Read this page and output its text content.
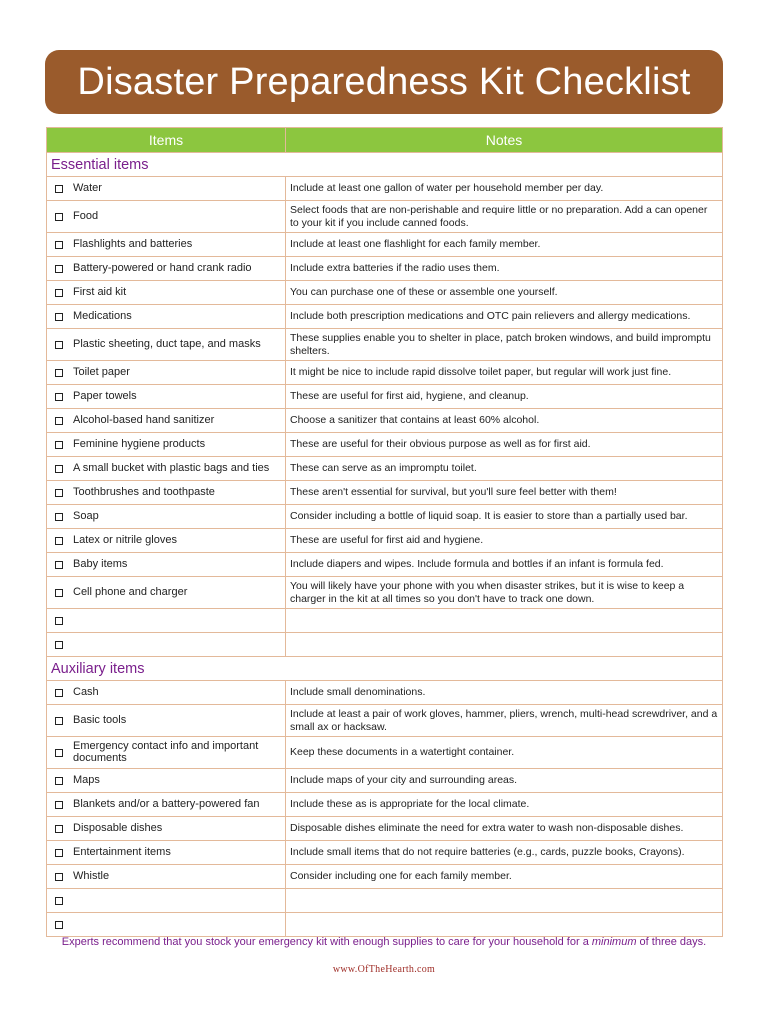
Disaster Preparedness Kit Checklist
Items	Notes
Essential items	

Water	Include at least one gallon of water per household member per day.

Food	Select foods that are non-perishable and require little or no preparation. Add a can opener to your kit if you include canned foods.

Flashlights and batteries	Include at least one flashlight for each family member.

Battery-powered or hand crank radio	Include extra batteries if the radio uses them.

First aid kit	You can purchase one of these or assemble one yourself.

Medications	Include both prescription medications and OTC pain relievers and allergy medications.

Plastic sheeting, duct tape, and masks	These supplies enable you to shelter in place, patch broken windows, and build impromptu shelters.

Toilet paper	It might be nice to include rapid dissolve toilet paper, but regular will work just fine.

Paper towels	These are useful for first aid, hygiene, and cleanup.

Alcohol-based hand sanitizer	Choose a sanitizer that contains at least 60% alcohol.

Feminine hygiene products	These are useful for their obvious purpose as well as for first aid.

A small bucket with plastic bags and ties	These can serve as an impromptu toilet.

Toothbrushes and toothpaste	These aren't essential for survival, but you'll sure feel better with them!

Soap	Consider including a bottle of liquid soap. It is easier to store than a partially used bar.

Latex or nitrile gloves	These are useful for first aid and hygiene.

Baby items	Include diapers and wipes. Include formula and bottles if an infant is formula fed.

Cell phone and charger	You will likely have your phone with you when disaster strikes, but it is wise to keep a charger in the kit at all times so you don't have to track one down.

Auxiliary items	

Cash	Include small denominations.

Basic tools	Include at least a pair of work gloves, hammer, pliers, wrench, multi-head screwdriver, and a small ax or hacksaw.

Emergency contact info and important documents	Keep these documents in a watertight container.

Maps	Include maps of your city and surrounding areas.

Blankets and/or a battery-powered fan	Include these as is appropriate for the local climate.

Disposable dishes	Disposable dishes eliminate the need for extra water to wash non-disposable dishes.

Entertainment items	Include small items that do not require batteries (e.g., cards, puzzle books, Crayons).

Whistle	Consider including one for each family member.

Experts recommend that you stock your emergency kit with enough supplies to care for your household for a minimum of three days.
www.OfTheHearth.com
